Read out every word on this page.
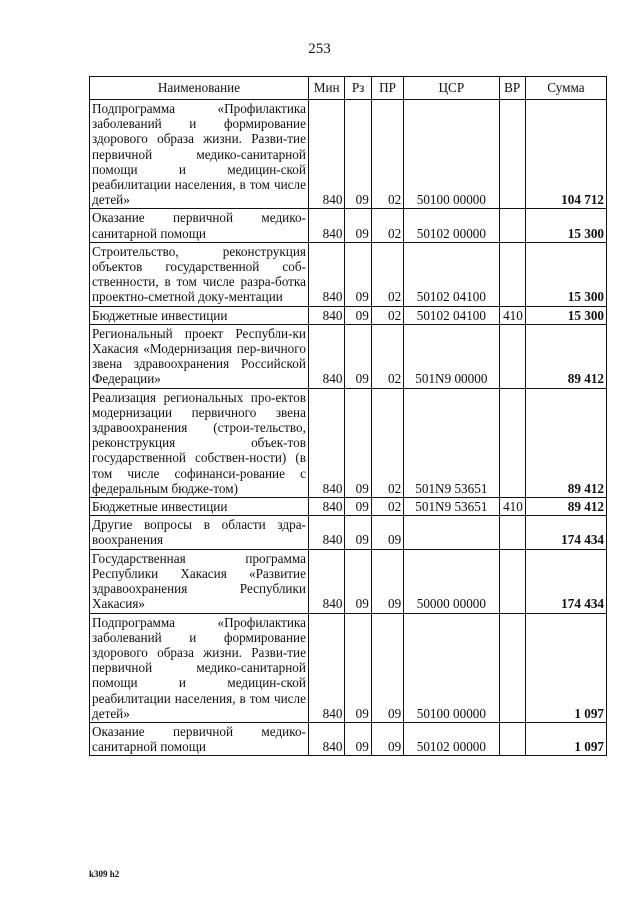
253
Наименование	Мин	Рз	ПР	ЦСР	ВР	Сумма
Подпрограмма «Профилактика заболеваний и формирование здорового образа жизни. Разви-тие первичной медико-санитарной помощи и медицин-ской реабилитации населения, в том числе детей»	840	09	02	50100 00000		104 712
Оказание первичной медико-санитарной помощи	840	09	02	50102 00000		15 300
Строительство, реконструкция объектов государственной соб-ственности, в том числе разра-ботка проектно-сметной доку-ментации	840	09	02	50102 04100		15 300
Бюджетные инвестиции	840	09	02	50102 04100	410	15 300
Региональный проект Республи-ки Хакасия «Модернизация пер-вичного звена здравоохранения Российской Федерации»	840	09	02	501N9 00000		89 412
Реализация региональных про-ектов модернизации первичного звена здравоохранения (строи-тельство, реконструкция объек-тов государственной собствен-ности) (в том числе софинанси-рование с федеральным бюдже-том)	840	09	02	501N9 53651		89 412
Бюджетные инвестиции	840	09	02	501N9 53651	410	89 412
Другие вопросы в области здра-воохранения	840	09	09			174 434
Государственная программа Республики Хакасия «Развитие здравоохранения Республики Хакасия»	840	09	09	50000 00000		174 434
Подпрограмма «Профилактика заболеваний и формирование здорового образа жизни. Разви-тие первичной медико-санитарной помощи и медицин-ской реабилитации населения, в том числе детей»	840	09	09	50100 00000		1 097
Оказание первичной медико-санитарной помощи	840	09	09	50102 00000		1 097
k309 h2
